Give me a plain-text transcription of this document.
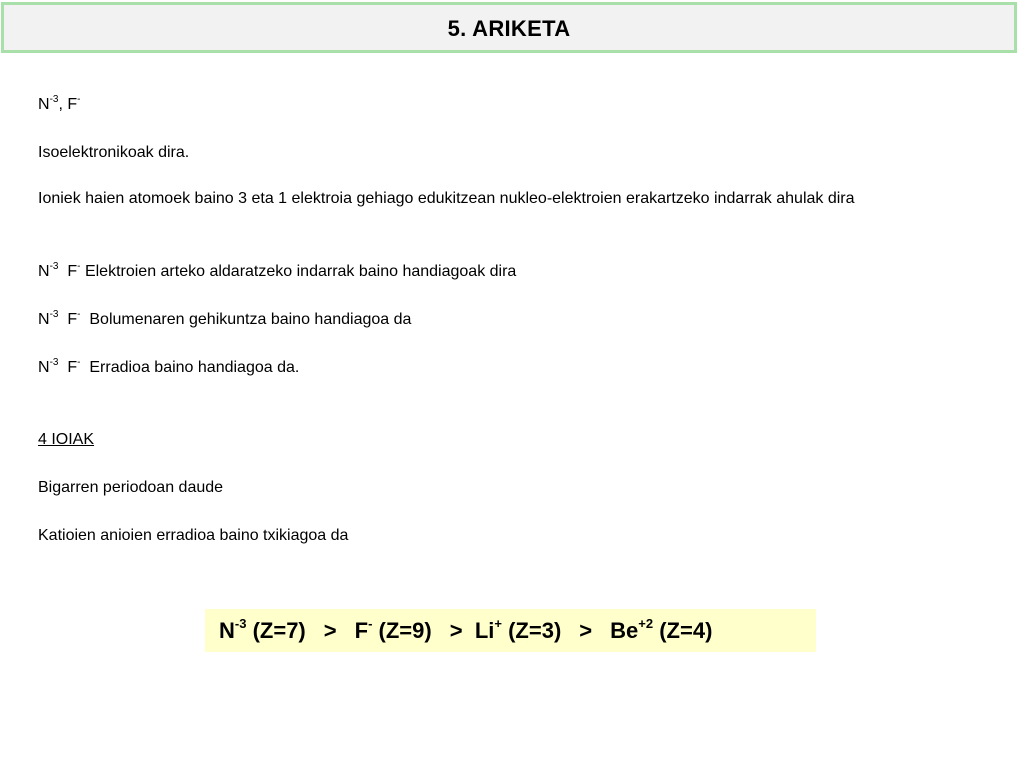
5. ARIKETA

$N^{-3}$, F-

Isoelektronikoak dira.

Ioniek haien atomoek baino 3 eta 1 elektroia gehiago edukitzean nukleo-elektroien erakartzeko indarrak ahulak dira

$N^{-3}$ F- Elektroien arteko aldaratzeko indarrak baino handiagoak dira

$N^{-3}$ F- Bolumenaren gehikuntza baino handiagoa da

$N^{-3}$ F- Erradioa baino handiagoa da.

4 IOIAK

Bigarren periodoan daude

Katioien anioien erradioa baino txikiagoa da

$N^{-3}$ (Z=7) > F- (Z=9) > Li+ $(Z=3) > Be^{+2}$ (Z=4)
